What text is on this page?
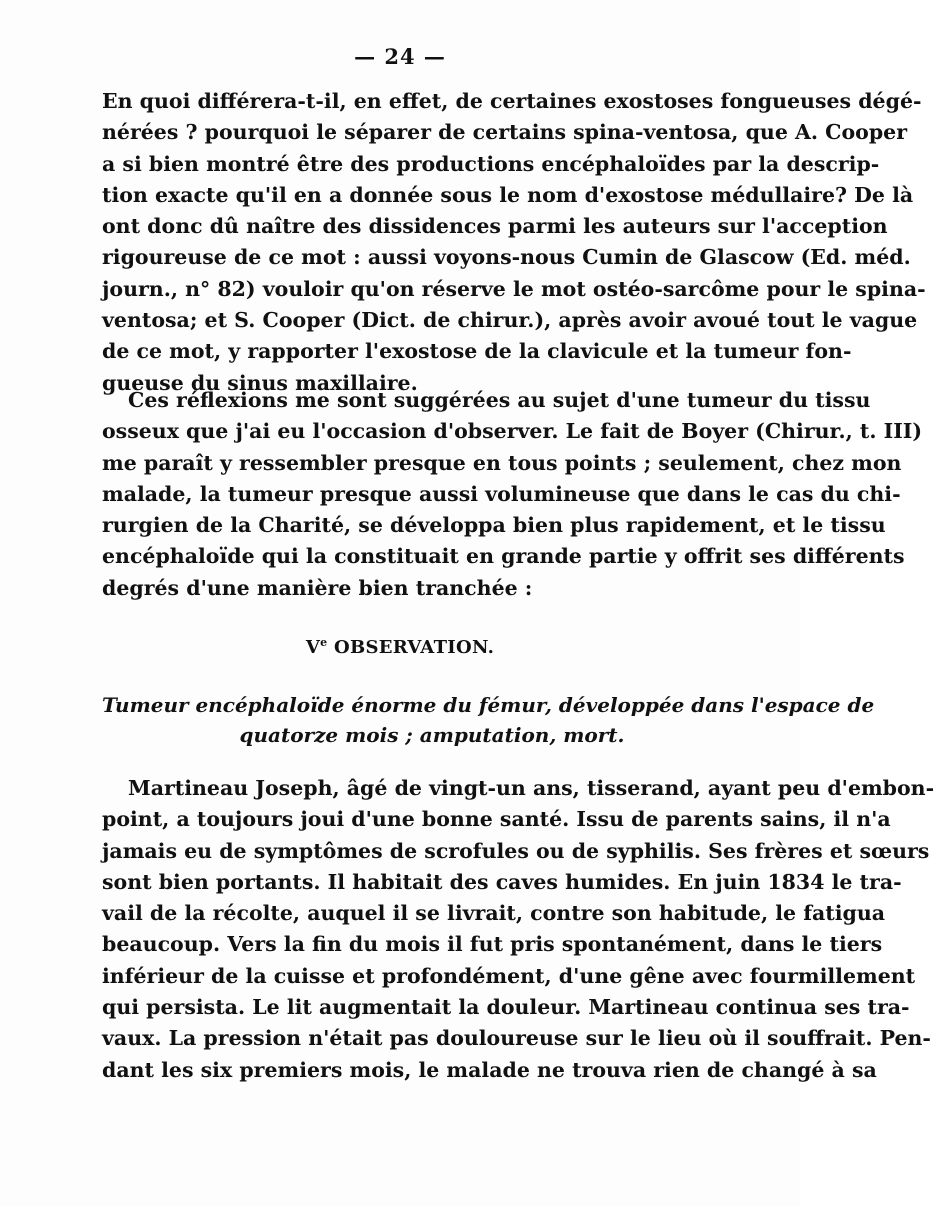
— 24 —
En quoi différera-t-il, en effet, de certaines exostoses fongueuses dégé-
nérées ? pourquoi le séparer de certains spina-ventosa, que A. Cooper
a si bien montré être des productions encéphaloïdes par la descrip-
tion exacte qu'il en a donnée sous le nom d'exostose médullaire? De là
ont donc dû naître des dissidences parmi les auteurs sur l'acception
rigoureuse de ce mot : aussi voyons-nous Cumin de Glascow (Ed. méd.
journ., n° 82) vouloir qu'on réserve le mot ostéo-sarcôme pour le spina-
ventosa; et S. Cooper (Dict. de chirur.), après avoir avoué tout le vague
de ce mot, y rapporter l'exostose de la clavicule et la tumeur fon-
gueuse du sinus maxillaire.
Ces réflexions me sont suggérées au sujet d'une tumeur du tissu
osseux que j'ai eu l'occasion d'observer. Le fait de Boyer (Chirur., t. III)
me paraît y ressembler presque en tous points ; seulement, chez mon
malade, la tumeur presque aussi volumineuse que dans le cas du chi-
rurgien de la Charité, se développa bien plus rapidement, et le tissu
encéphaloïde qui la constituait en grande partie y offrit ses différents
degrés d'une manière bien tranchée :
Ve OBSERVATION.
Tumeur encéphaloïde énorme du fémur, développée dans l'espace de
quatorze mois ; amputation, mort.
Martineau Joseph, âgé de vingt-un ans, tisserand, ayant peu d'embon-
point, a toujours joui d'une bonne santé. Issu de parents sains, il n'a
jamais eu de symptômes de scrofules ou de syphilis. Ses frères et sœurs
sont bien portants. Il habitait des caves humides. En juin 1834 le tra-
vail de la récolte, auquel il se livrait, contre son habitude, le fatigua
beaucoup. Vers la fin du mois il fut pris spontanément, dans le tiers
inférieur de la cuisse et profondément, d'une gêne avec fourmillement
qui persista. Le lit augmentait la douleur. Martineau continua ses tra-
vaux. La pression n'était pas douloureuse sur le lieu où il souffrait. Pen-
dant les six premiers mois, le malade ne trouva rien de changé à sa
